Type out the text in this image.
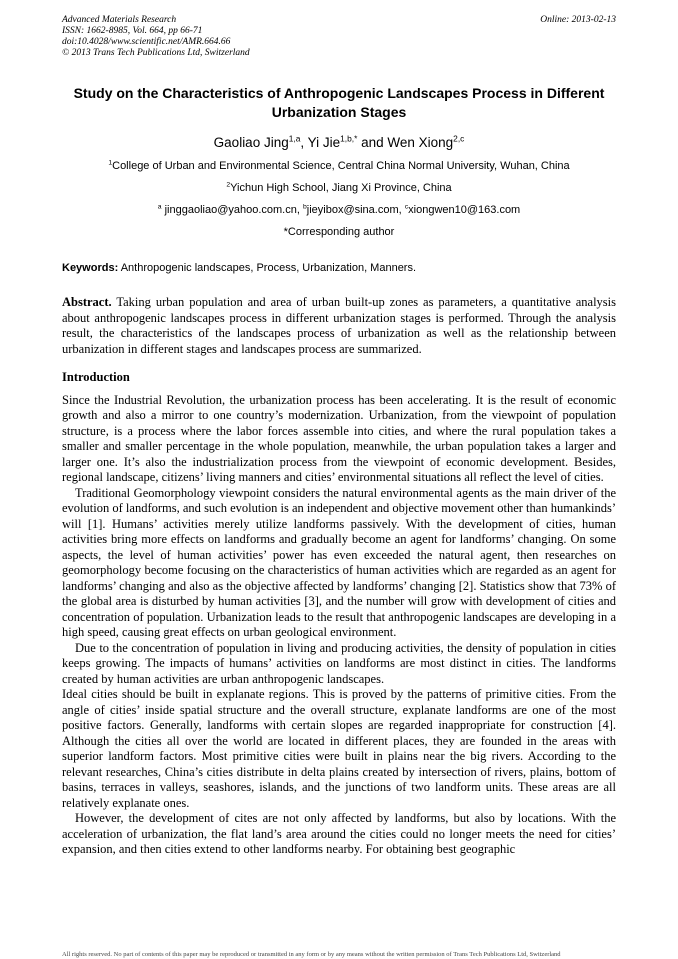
Advanced Materials Research
ISSN: 1662-8985, Vol. 664, pp 66-71
doi:10.4028/www.scientific.net/AMR.664.66
© 2013 Trans Tech Publications Ltd, Switzerland
Online: 2013-02-13
Study on the Characteristics of Anthropogenic Landscapes Process in Different Urbanization Stages
Gaoliao Jing$^{1,a}$, Yi Jie$^{1,b,*}$ and Wen Xiong$^{2,c}$
$^1$College of Urban and Environmental Science, Central China Normal University, Wuhan, China
$^2$Yichun High School, Jiang Xi Province, China
$^a$ jinggaoliao@yahoo.com.cn, $^b$jieyibox@sina.com, $^c$xiongwen10@163.com
*Corresponding author
Keywords: Anthropogenic landscapes, Process, Urbanization, Manners.
Abstract. Taking urban population and area of urban built-up zones as parameters, a quantitative analysis about anthropogenic landscapes process in different urbanization stages is performed. Through the analysis result, the characteristics of the landscapes process of urbanization as well as the relationship between urbanization in different stages and landscapes process are summarized.
Introduction
Since the Industrial Revolution, the urbanization process has been accelerating. It is the result of economic growth and also a mirror to one country’s modernization. Urbanization, from the viewpoint of population structure, is a process where the labor forces assemble into cities, and where the rural population takes a smaller and smaller percentage in the whole population, meanwhile, the urban population takes a larger and larger one. It’s also the industrialization process from the viewpoint of economic development. Besides, regional landscape, citizens’ living manners and cities’ environmental situations all reflect the level of cities.
Traditional Geomorphology viewpoint considers the natural environmental agents as the main driver of the evolution of landforms, and such evolution is an independent and objective movement other than humankinds’ will [1]. Humans’ activities merely utilize landforms passively. With the development of cities, human activities bring more effects on landforms and gradually become an agent for landforms’ changing. On some aspects, the level of human activities’ power has even exceeded the natural agent, then researches on geomorphology become focusing on the characteristics of human activities which are regarded as an agent for landforms’ changing and also as the objective affected by landforms’ changing [2]. Statistics show that 73% of the global area is disturbed by human activities [3], and the number will grow with development of cities and concentration of population. Urbanization leads to the result that anthropogenic landscapes are developing in a high speed, causing great effects on urban geological environment.
Due to the concentration of population in living and producing activities, the density of population in cities keeps growing. The impacts of humans’ activities on landforms are most distinct in cities. The landforms created by human activities are urban anthropogenic landscapes.
Ideal cities should be built in explanate regions. This is proved by the patterns of primitive cities. From the angle of cities’ inside spatial structure and the overall structure, explanate landforms are one of the most positive factors. Generally, landforms with certain slopes are regarded inappropriate for construction [4]. Although the cities all over the world are located in different places, they are founded in the areas with superior landform factors. Most primitive cities were built in plains near the big rivers. According to the relevant researches, China’s cities distribute in delta plains created by intersection of rivers, plains, bottom of basins, terraces in valleys, seashores, islands, and the junctions of two landform units. These areas are all relatively explanate ones.
However, the development of cites are not only affected by landforms, but also by locations. With the acceleration of urbanization, the flat land’s area around the cities could no longer meets the need for cities’ expansion, and then cities extend to other landforms nearby. For obtaining best geographic
All rights reserved. No part of contents of this paper may be reproduced or transmitted in any form or by any means without the written permission of Trans Tech Publications Ltd, Switzerland
